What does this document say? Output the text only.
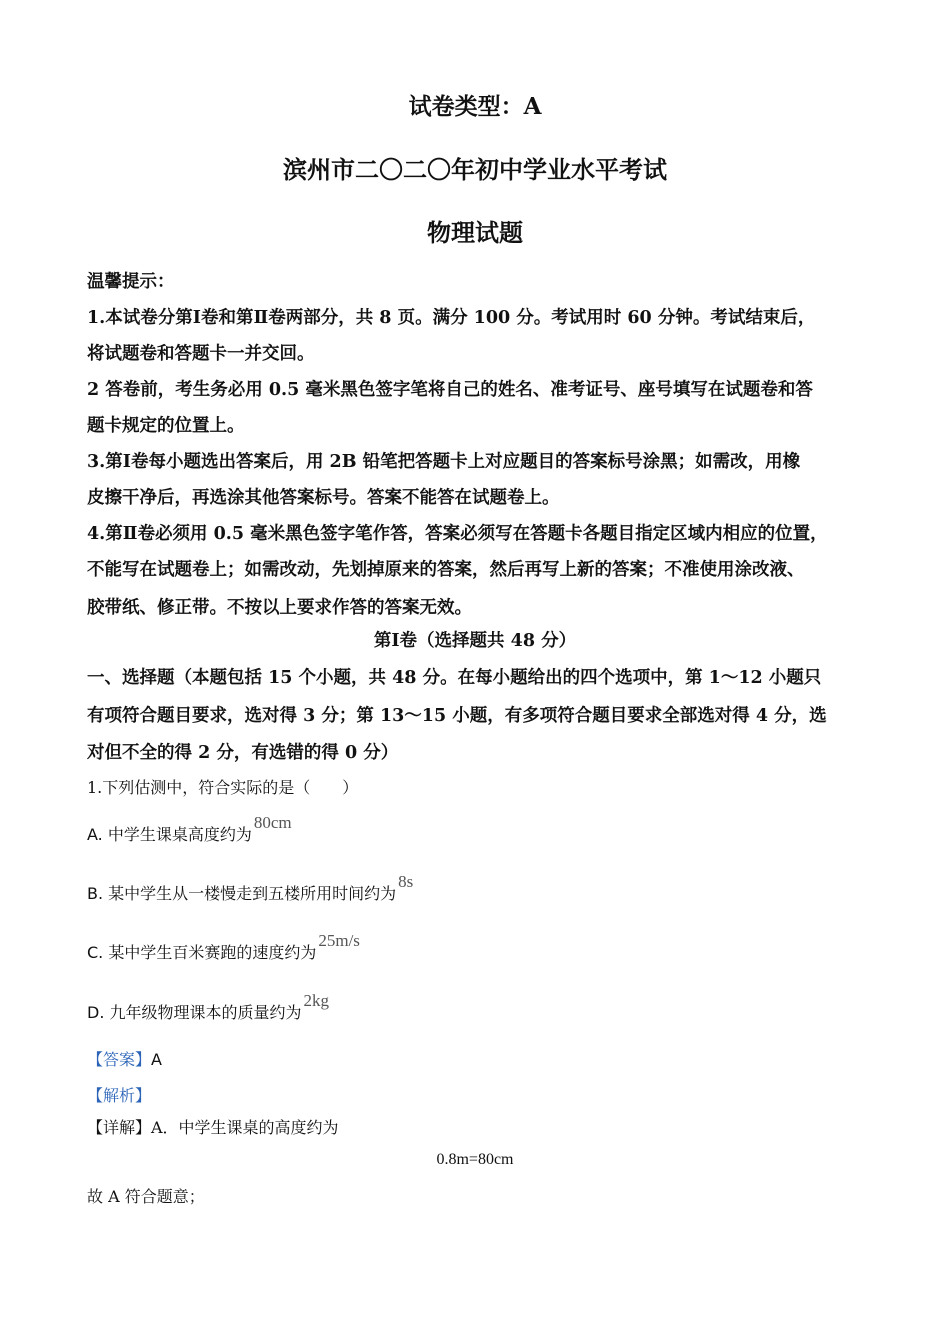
试卷类型：A
滨州市二〇二〇年初中学业水平考试
物理试题
温馨提示：
1.本试卷分第Ⅰ卷和第Ⅱ卷两部分，共 8 页。满分 100 分。考试用时 60 分钟。考试结束后，
将试题卷和答题卡一并交回。
2 答卷前，考生务必用 0.5 毫米黑色签字笔将自己的姓名、准考证号、座号填写在试题卷和答
题卡规定的位置上。
3.第Ⅰ卷每小题选出答案后，用 2B 铅笔把答题卡上对应题目的答案标号涂黑；如需改，用橡
皮擦干净后，再选涂其他答案标号。答案不能答在试题卷上。
4.第Ⅱ卷必须用 0.5 毫米黑色签字笔作答，答案必须写在答题卡各题目指定区域内相应的位置，
不能写在试题卷上；如需改动，先划掉原来的答案，然后再写上新的答案；不准使用涂改液、
胶带纸、修正带。不按以上要求作答的答案无效。
第Ⅰ卷（选择题共 48 分）
一、选择题（本题包括 15 个小题，共 48 分。在每小题给出的四个选项中，第 1～12 小题只
有项符合题目要求，选对得 3 分；第 13～15 小题，有多项符合题目要求全部选对得 4 分，选
对但不全的得 2 分，有选错的得 0 分）
1.下列估测中，符合实际的是（　　）
A. 中学生课桌高度约为80cm
B. 某中学生从一楼慢走到五楼所用时间约为8s
C. 某中学生百米赛跑的速度约为25m/s
D. 九年级物理课本的质量约为2kg
【答案】A
【解析】
【详解】A．中学生课桌的高度约为
0.8m=80cm
故 A 符合题意；
